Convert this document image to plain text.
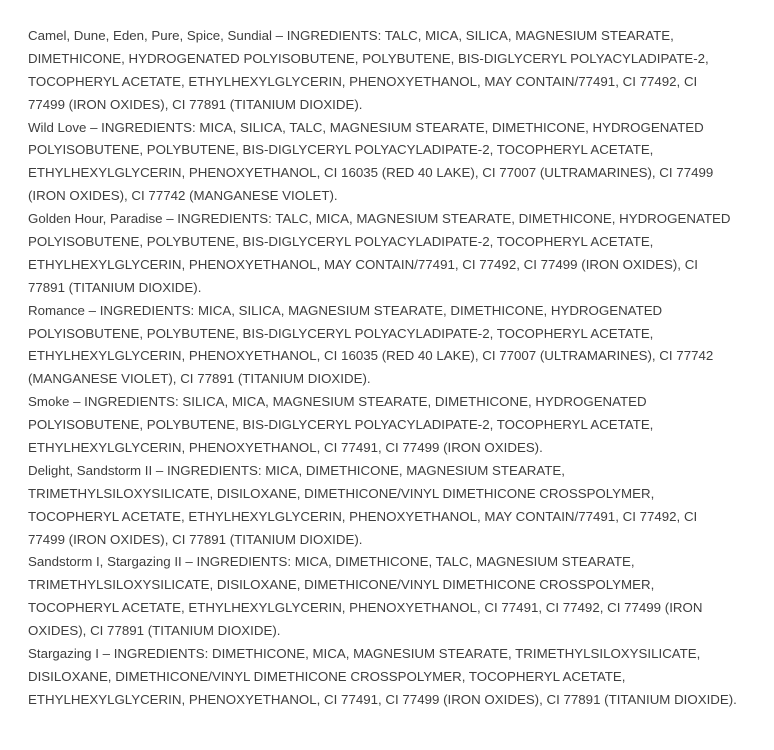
Camel, Dune, Eden, Pure, Spice, Sundial – INGREDIENTS: TALC, MICA, SILICA, MAGNESIUM STEARATE,
DIMETHICONE, HYDROGENATED POLYISOBUTENE, POLYBUTENE, BIS-DIGLYCERYL POLYACYLADIPATE-2,
TOCOPHERYL ACETATE, ETHYLHEXYLGLYCERIN, PHENOXYETHANOL, MAY CONTAIN/77491, CI 77492, CI
77499 (IRON OXIDES), CI 77891 (TITANIUM DIOXIDE).
Wild Love – INGREDIENTS: MICA, SILICA, TALC, MAGNESIUM STEARATE, DIMETHICONE, HYDROGENATED
POLYISOBUTENE, POLYBUTENE, BIS-DIGLYCERYL POLYACYLADIPATE-2, TOCOPHERYL ACETATE,
ETHYLHEXYLGLYCERIN, PHENOXYETHANOL, CI 16035 (RED 40 LAKE), CI 77007 (ULTRAMARINES), CI 77499
(IRON OXIDES), CI 77742 (MANGANESE VIOLET).
Golden Hour, Paradise – INGREDIENTS: TALC, MICA, MAGNESIUM STEARATE, DIMETHICONE, HYDROGENATED
POLYISOBUTENE, POLYBUTENE, BIS-DIGLYCERYL POLYACYLADIPATE-2, TOCOPHERYL ACETATE,
ETHYLHEXYLGLYCERIN, PHENOXYETHANOL, MAY CONTAIN/77491, CI 77492, CI 77499 (IRON OXIDES), CI
77891 (TITANIUM DIOXIDE).
Romance – INGREDIENTS: MICA, SILICA, MAGNESIUM STEARATE, DIMETHICONE, HYDROGENATED
POLYISOBUTENE, POLYBUTENE, BIS-DIGLYCERYL POLYACYLADIPATE-2, TOCOPHERYL ACETATE,
ETHYLHEXYLGLYCERIN, PHENOXYETHANOL, CI 16035 (RED 40 LAKE), CI 77007 (ULTRAMARINES), CI 77742
(MANGANESE VIOLET), CI 77891 (TITANIUM DIOXIDE).
Smoke – INGREDIENTS: SILICA, MICA, MAGNESIUM STEARATE, DIMETHICONE, HYDROGENATED
POLYISOBUTENE, POLYBUTENE, BIS-DIGLYCERYL POLYACYLADIPATE-2, TOCOPHERYL ACETATE,
ETHYLHEXYLGLYCERIN, PHENOXYETHANOL, CI 77491, CI 77499 (IRON OXIDES).
Delight, Sandstorm II – INGREDIENTS: MICA, DIMETHICONE, MAGNESIUM STEARATE,
TRIMETHYLSILOXYSILICATE, DISILOXANE, DIMETHICONE/VINYL DIMETHICONE CROSSPOLYMER,
TOCOPHERYL ACETATE, ETHYLHEXYLGLYCERIN, PHENOXYETHANOL, MAY CONTAIN/77491, CI 77492, CI
77499 (IRON OXIDES), CI 77891 (TITANIUM DIOXIDE).
Sandstorm I, Stargazing II – INGREDIENTS: MICA, DIMETHICONE, TALC, MAGNESIUM STEARATE,
TRIMETHYLSILOXYSILICATE, DISILOXANE, DIMETHICONE/VINYL DIMETHICONE CROSSPOLYMER,
TOCOPHERYL ACETATE, ETHYLHEXYLGLYCERIN, PHENOXYETHANOL, CI 77491, CI 77492, CI 77499 (IRON
OXIDES), CI 77891 (TITANIUM DIOXIDE).
Stargazing I – INGREDIENTS: DIMETHICONE, MICA, MAGNESIUM STEARATE, TRIMETHYLSILOXYSILICATE,
DISILOXANE, DIMETHICONE/VINYL DIMETHICONE CROSSPOLYMER, TOCOPHERYL ACETATE,
ETHYLHEXYLGLYCERIN, PHENOXYETHANOL, CI 77491, CI 77499 (IRON OXIDES), CI 77891 (TITANIUM DIOXIDE).
